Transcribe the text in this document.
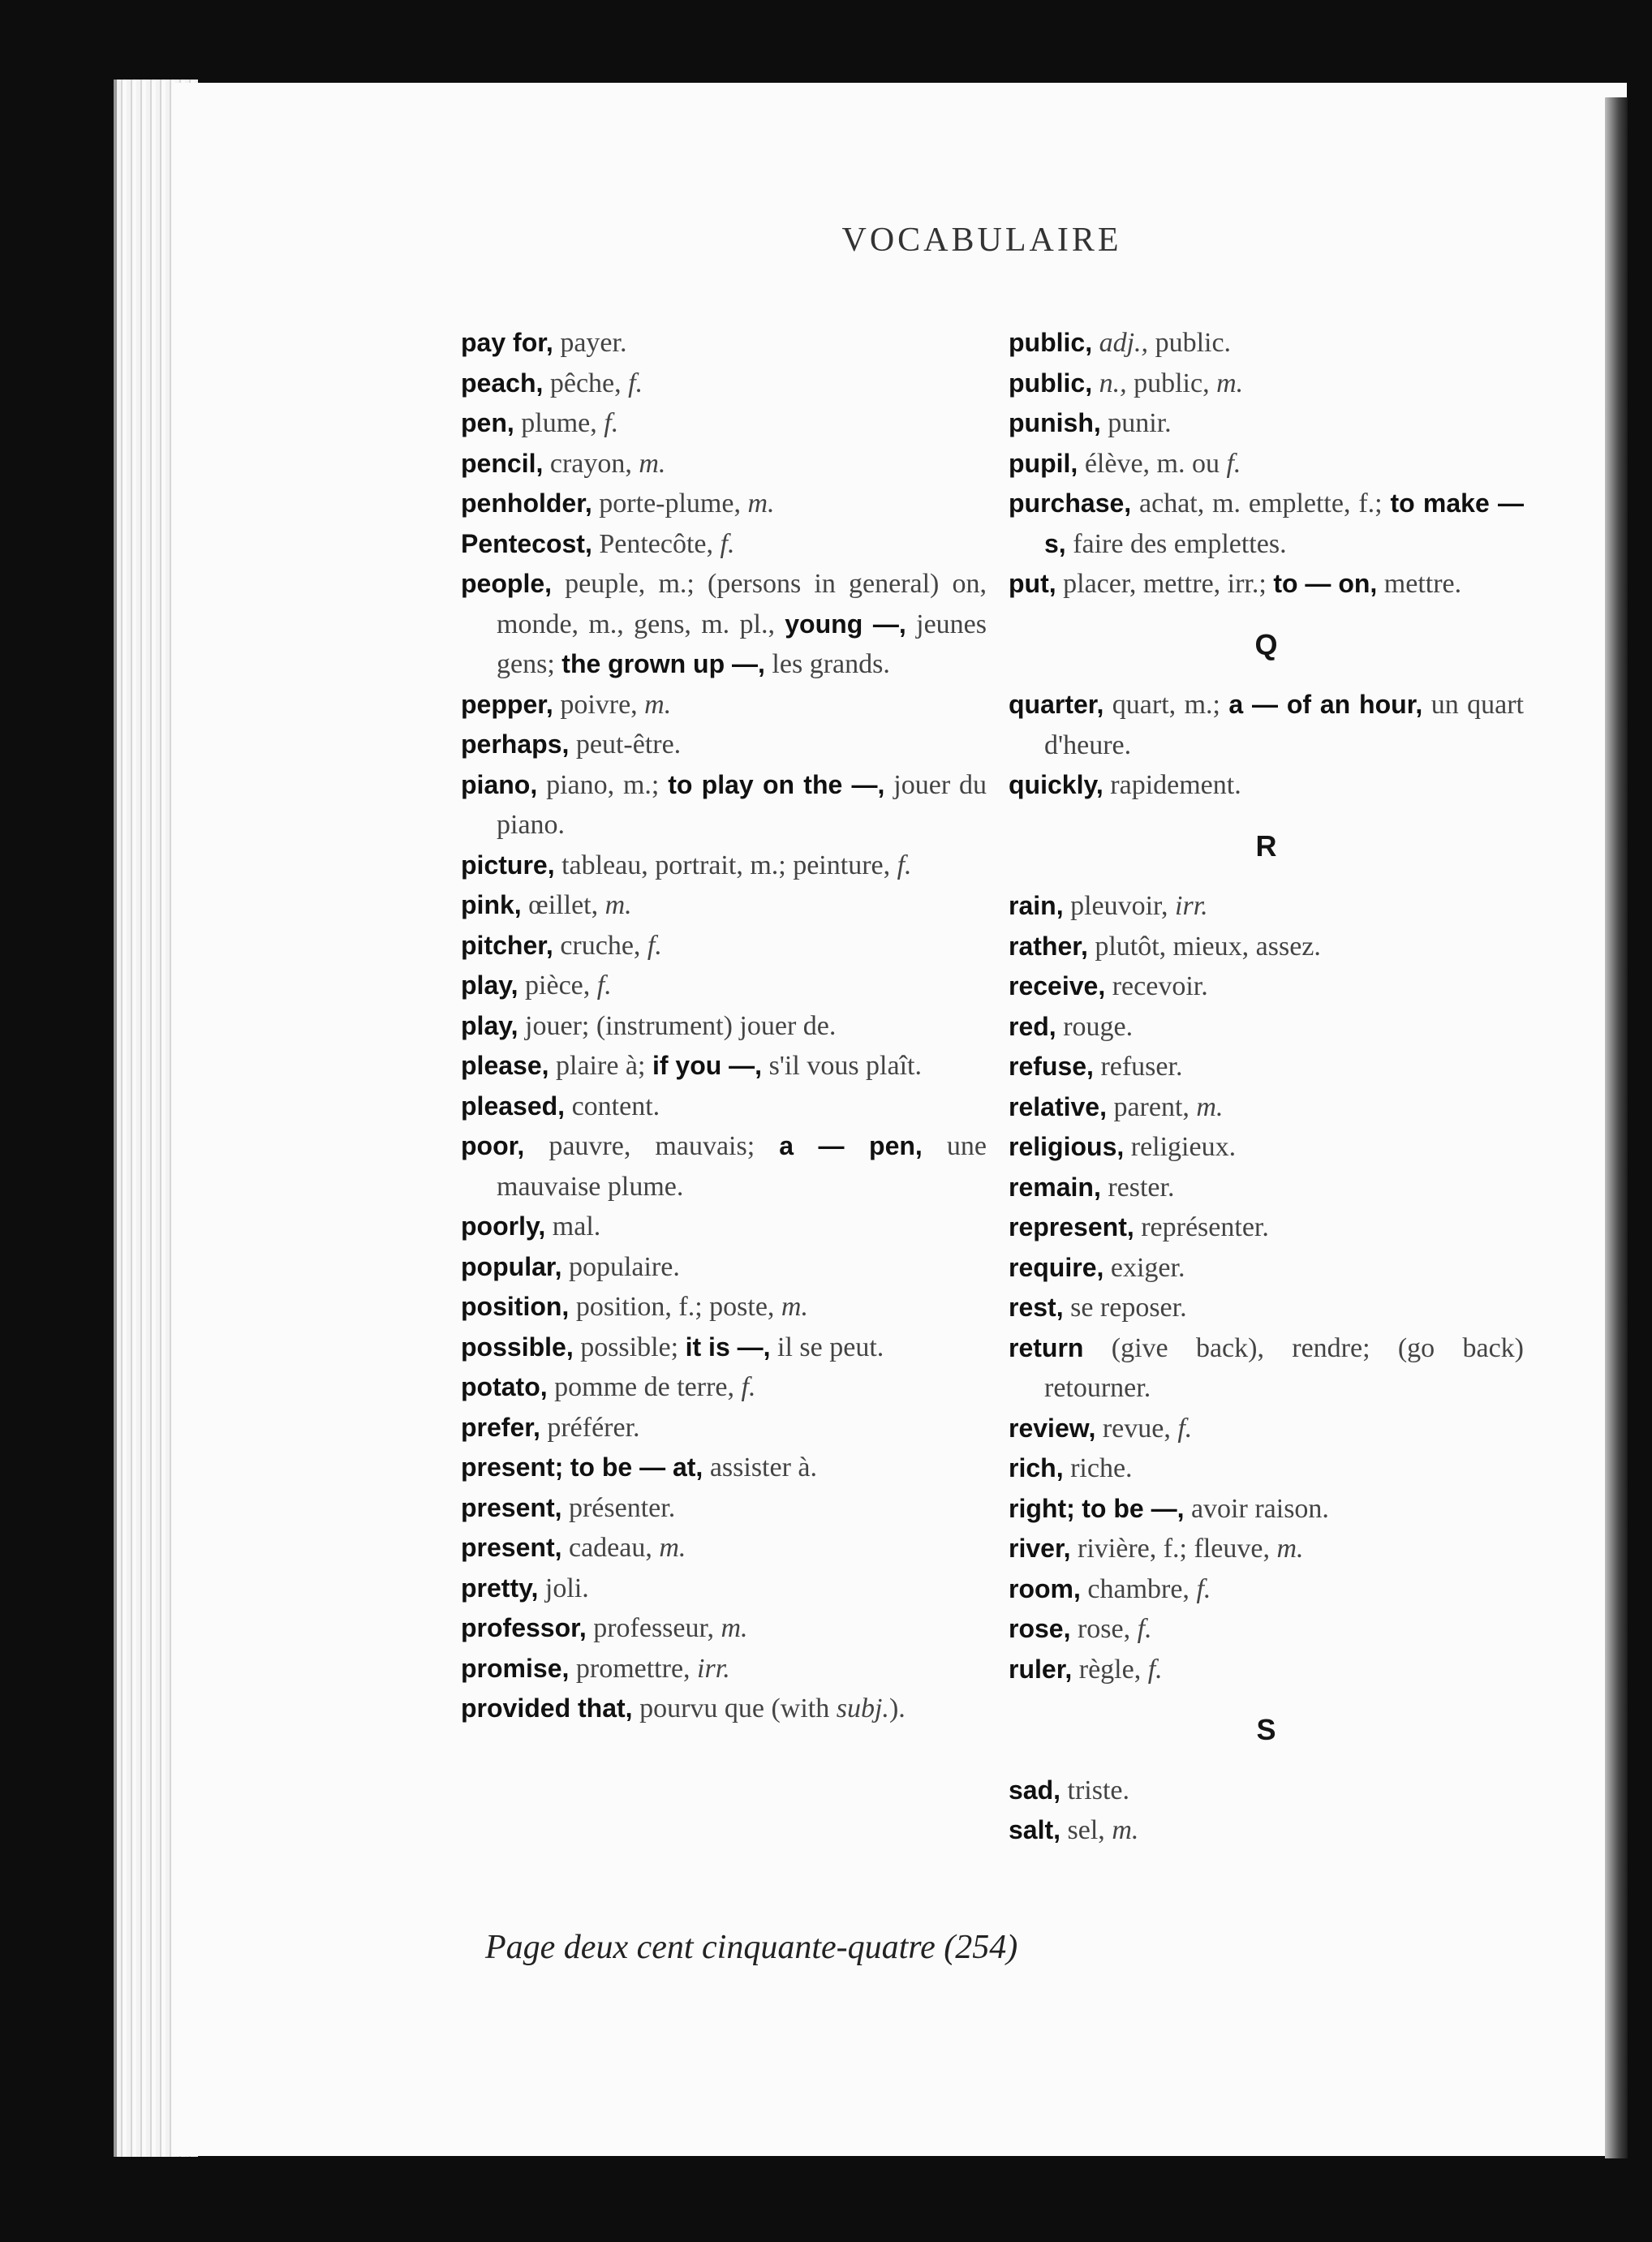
VOCABULAIRE
pay for, payer.
peach, pêche, f.
pen, plume, f.
pencil, crayon, m.
penholder, porte-plume, m.
Pentecost, Pentecôte, f.
people, peuple, m.; (persons in general) on, monde, m., gens, m. pl., young —, jeunes gens; the grown up —, les grands.
pepper, poivre, m.
perhaps, peut-être.
piano, piano, m.; to play on the —, jouer du piano.
picture, tableau, portrait, m.; peinture, f.
pink, œillet, m.
pitcher, cruche, f.
play, pièce, f.
play, jouer; (instrument) jouer de.
please, plaire à; if you —, s'il vous plaît.
pleased, content.
poor, pauvre, mauvais; a — pen, une mauvaise plume.
poorly, mal.
popular, populaire.
position, position, f.; poste, m.
possible, possible; it is —, il se peut.
potato, pomme de terre, f.
prefer, préférer.
present; to be — at, assister à.
present, présenter.
present, cadeau, m.
pretty, joli.
professor, professeur, m.
promise, promettre, irr.
provided that, pourvu que (with subj.).
public, adj., public.
public, n., public, m.
punish, punir.
pupil, élève, m. ou f.
purchase, achat, m. emplette, f.; to make —s, faire des emplettes.
put, placer, mettre, irr.; to — on, mettre.
Q
quarter, quart, m.; a — of an hour, un quart d'heure.
quickly, rapidement.
R
rain, pleuvoir, irr.
rather, plutôt, mieux, assez.
receive, recevoir.
red, rouge.
refuse, refuser.
relative, parent, m.
religious, religieux.
remain, rester.
represent, représenter.
require, exiger.
rest, se reposer.
return (give back), rendre; (go back) retourner.
review, revue, f.
rich, riche.
right; to be —, avoir raison.
river, rivière, f.; fleuve, m.
room, chambre, f.
rose, rose, f.
ruler, règle, f.
S
sad, triste.
salt, sel, m.
Page deux cent cinquante-quatre (254)
